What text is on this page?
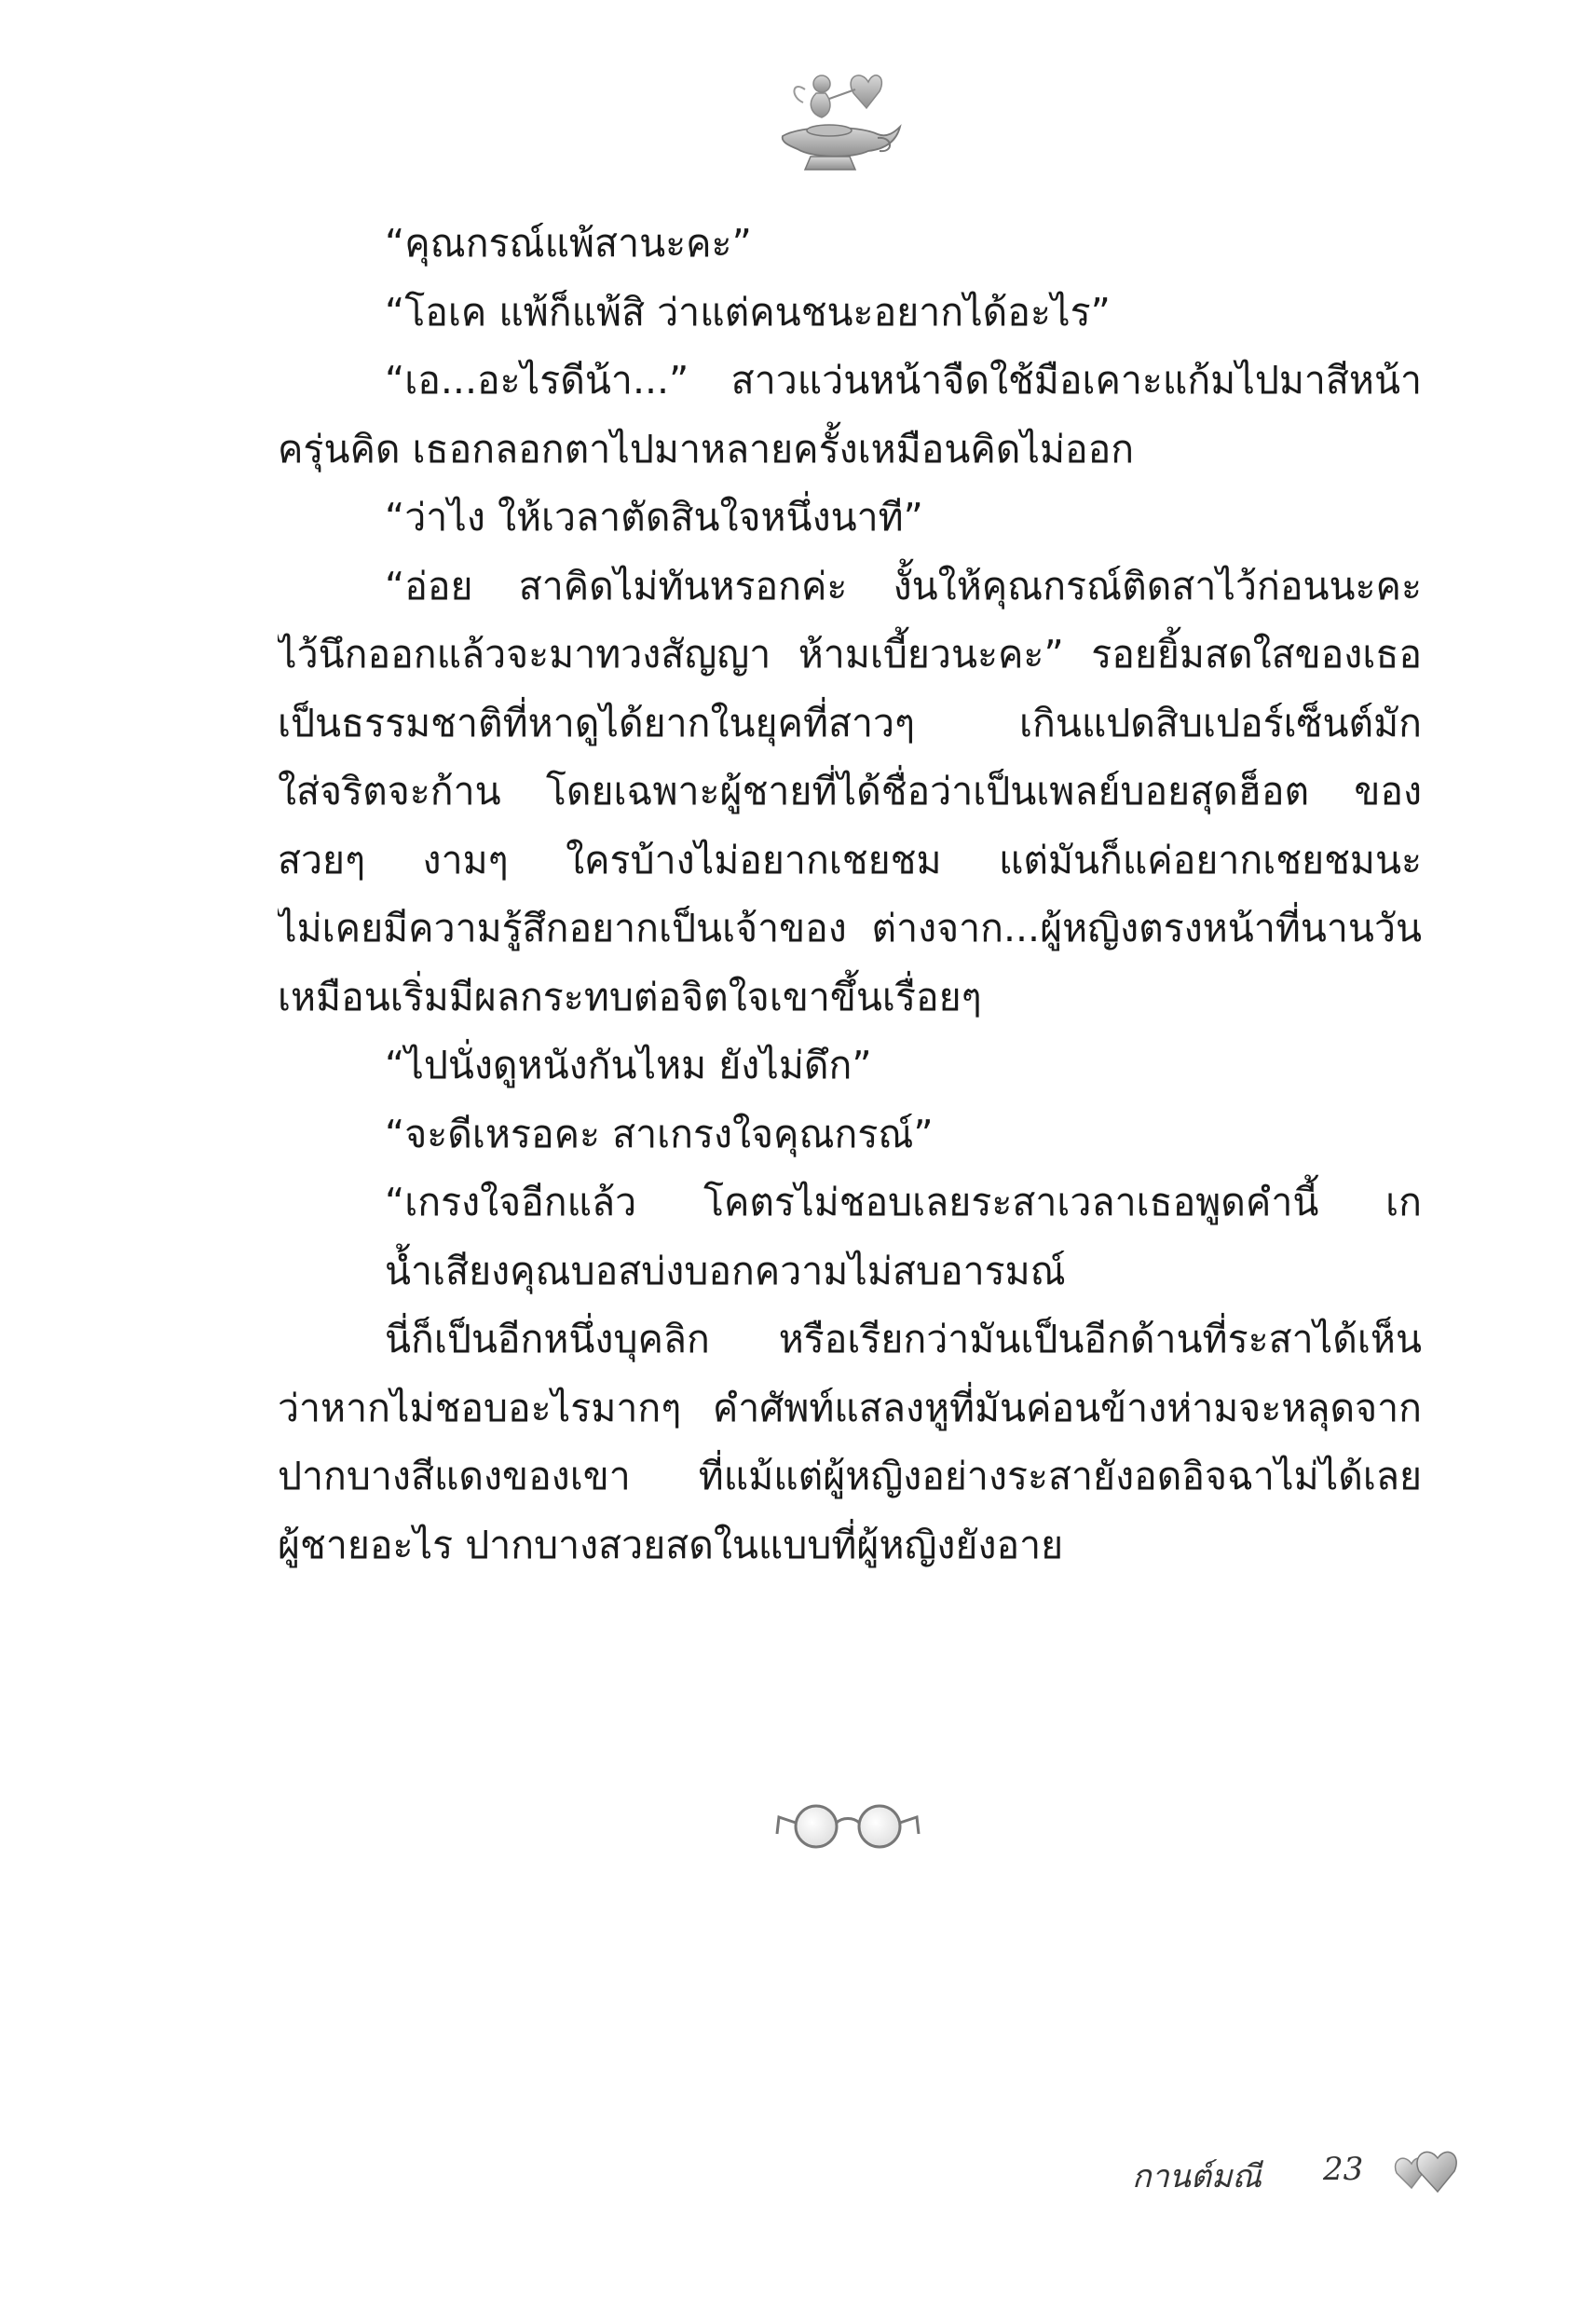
“คุณกรณ์แพ้สานะคะ”
“โอเค แพ้ก็แพ้สิ ว่าแต่คนชนะอยากได้อะไร”
“เอ...อะไรดีน้า...” สาวแว่นหน้าจืดใช้มือเคาะแก้มไปมาสีหน้า
ครุ่นคิด เธอกลอกตาไปมาหลายครั้งเหมือนคิดไม่ออก
“ว่าไง ให้เวลาตัดสินใจหนึ่งนาที”
“อ่อย สาคิดไม่ทันหรอกค่ะ งั้นให้คุณกรณ์ติดสาไว้ก่อนนะคะ
ไว้นึกออกแล้วจะมาทวงสัญญา ห้ามเบี้ยวนะคะ” รอยยิ้มสดใสของเธอ
เป็นธรรมชาติที่หาดูได้ยากในยุคที่สาวๆ เกินแปดสิบเปอร์เซ็นต์มัก
ใส่จริตจะก้าน โดยเฉพาะผู้ชายที่ได้ชื่อว่าเป็นเพลย์บอยสุดฮ็อต ของ
สวยๆ งามๆ ใครบ้างไม่อยากเชยชม แต่มันก็แค่อยากเชยชมนะ
ไม่เคยมีความรู้สึกอยากเป็นเจ้าของ ต่างจาก...ผู้หญิงตรงหน้าที่นานวัน
เหมือนเริ่มมีผลกระทบต่อจิตใจเขาขึ้นเรื่อยๆ
“ไปนั่งดูหนังกันไหม ยังไม่ดึก”
“จะดีเหรอคะ สาเกรงใจคุณกรณ์”
“เกรงใจอีกแล้ว โคตรไม่ชอบเลยระสาเวลาเธอพูดคำนี้ เก
น้ำเสียงคุณบอสบ่งบอกความไม่สบอารมณ์
นี่ก็เป็นอีกหนึ่งบุคลิก หรือเรียกว่ามันเป็นอีกด้านที่ระสาได้เห็น
ว่าหากไม่ชอบอะไรมากๆ คำศัพท์แสลงหูที่มันค่อนข้างห่ามจะหลุดจาก
ปากบางสีแดงของเขา ที่แม้แต่ผู้หญิงอย่างระสายังอดอิจฉาไม่ได้เลย
ผู้ชายอะไร ปากบางสวยสดในแบบที่ผู้หญิงยังอาย
กานต์มณี 23
